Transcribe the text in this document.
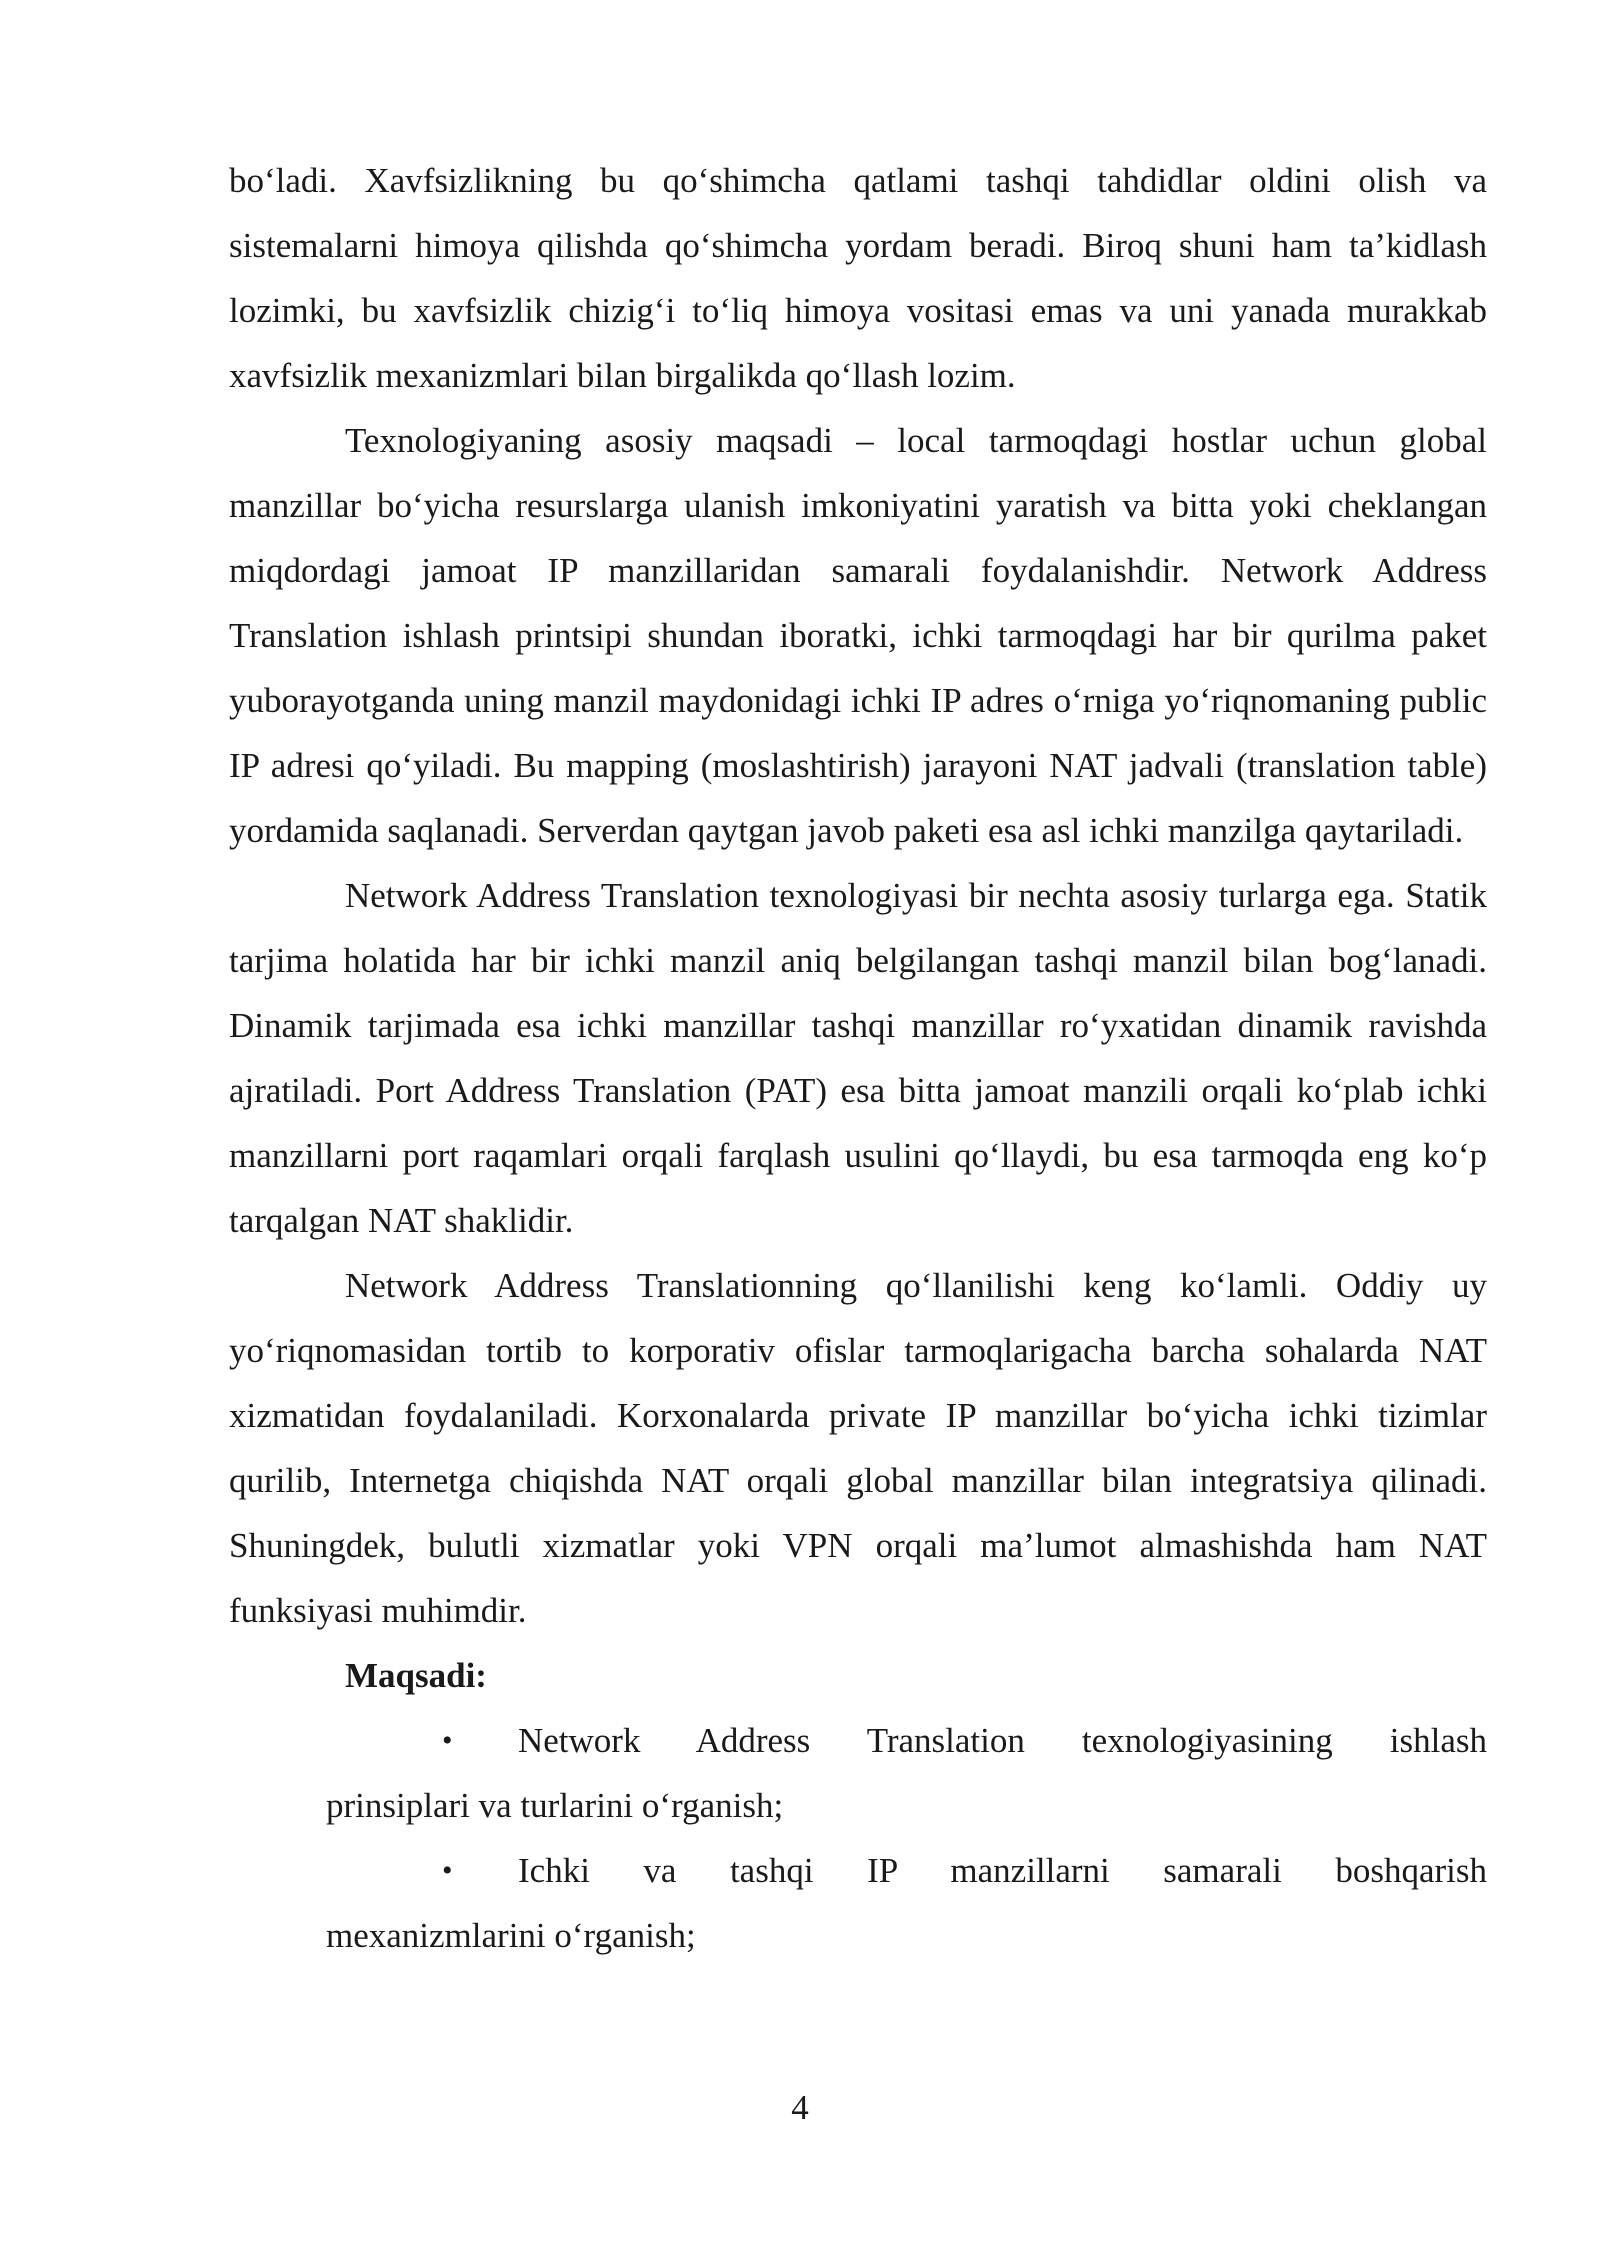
bo‘ladi. Xavfsizlikning bu qo‘shimcha qatlami tashqi tahdidlar oldini olish va sistemalarni himoya qilishda qo‘shimcha yordam beradi. Biroq shuni ham ta’kidlash lozimki, bu xavfsizlik chizig‘i to‘liq himoya vositasi emas va uni yanada murakkab xavfsizlik mexanizmlari bilan birgalikda qo‘llash lozim.

Texnologiyaning asosiy maqsadi – local tarmoqdagi hostlar uchun global manzillar bo‘yicha resurslarga ulanish imkoniyatini yaratish va bitta yoki cheklangan miqdordagi jamoat IP manzillaridan samarali foydalanishdir. Network Address Translation ishlash printsipi shundan iboratki, ichki tarmoqdagi har bir qurilma paket yuborayotganda uning manzil maydonidagi ichki IP adres o‘rniga yo‘riqnomaning public IP adresi qo‘yiladi. Bu mapping (moslashtirish) jarayoni NAT jadvali (translation table) yordamida saqlanadi. Serverdan qaytgan javob paketi esa asl ichki manzilga qaytariladi.

Network Address Translation texnologiyasi bir nechta asosiy turlarga ega. Statik tarjima holatida har bir ichki manzil aniq belgilangan tashqi manzil bilan bog‘lanadi. Dinamik tarjimada esa ichki manzillar tashqi manzillar ro‘yxatidan dinamik ravishda ajratiladi. Port Address Translation (PAT) esa bitta jamoat manzili orqali ko‘plab ichki manzillarni port raqamlari orqali farqlash usulini qo‘llaydi, bu esa tarmoqda eng ko‘p tarqalgan NAT shaklidir.

Network Address Translationning qo‘llanilishi keng ko‘lamli. Oddiy uy yo‘riqnomasidan tortib to korporativ ofislar tarmoqlarigacha barcha sohalarda NAT xizmatidan foydalaniladi. Korxonalarda private IP manzillar bo‘yicha ichki tizimlar qurilib, Internetga chiqishda NAT orqali global manzillar bilan integratsiya qilinadi. Shuningdek, bulutli xizmatlar yoki VPN orqali ma’lumot almashishda ham NAT funksiyasi muhimdir.

Maqsadi:

• Network Address Translation texnologiyasining ishlash
prinsiplari va turlarini o‘rganish;
• Ichki va tashqi IP manzillarni samarali boshqarish
mexanizmlarini o‘rganish;
4
